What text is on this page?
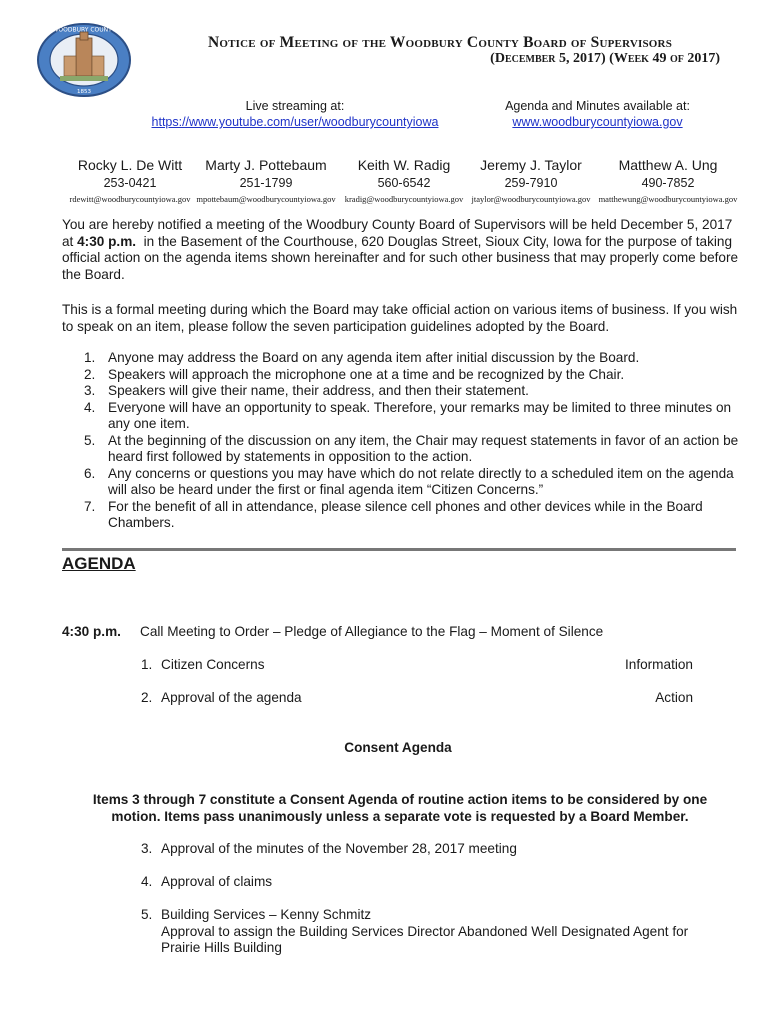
WOODBURY COUNTY
1853
Notice of Meeting of the Woodbury County Board of Supervisors
(December 5, 2017) (Week 49 of 2017)
Live streaming at:
https://www.youtube.com/user/woodburycountyiowa
Agenda and Minutes available at:
www.woodburycountyiowa.gov
Rocky L. De Witt
253-0421
rdewitt@woodburycountyiowa.gov
Marty J. Pottebaum
251-1799
mpottebaum@woodburycountyiowa.gov
Keith W. Radig
560-6542
kradig@woodburycountyiowa.gov
Jeremy J. Taylor
259-7910
jtaylor@woodburycountyiowa.gov
Matthew A. Ung
490-7852
matthewung@woodburycountyiowa.gov
You are hereby notified a meeting of the Woodbury County Board of Supervisors will be held December 5, 2017 at 4:30 p.m.  in the Basement of the Courthouse, 620 Douglas Street, Sioux City, Iowa for the purpose of taking official action on the agenda items shown hereinafter and for such other business that may properly come before the Board.
This is a formal meeting during which the Board may take official action on various items of business. If you wish to speak on an item, please follow the seven participation guidelines adopted by the Board.
1. Anyone may address the Board on any agenda item after initial discussion by the Board.
2. Speakers will approach the microphone one at a time and be recognized by the Chair.
3. Speakers will give their name, their address, and then their statement.
4. Everyone will have an opportunity to speak. Therefore, your remarks may be limited to three minutes on any one item.
5. At the beginning of the discussion on any item, the Chair may request statements in favor of an action be heard first followed by statements in opposition to the action.
6. Any concerns or questions you may have which do not relate directly to a scheduled item on the agenda will also be heard under the first or final agenda item “Citizen Concerns.”
7. For the benefit of all in attendance, please silence cell phones and other devices while in the Board Chambers.
AGENDA
4:30 p.m. Call Meeting to Order – Pledge of Allegiance to the Flag – Moment of Silence
1. Citizen Concerns	Information
2. Approval of the agenda	Action
Consent Agenda
Items 3 through 7 constitute a Consent Agenda of routine action items to be considered by one motion. Items pass unanimously unless a separate vote is requested by a Board Member.
3. Approval of the minutes of the November 28, 2017 meeting
4. Approval of claims
5. Building Services – Kenny Schmitz
Approval to assign the Building Services Director Abandoned Well Designated Agent for Prairie Hills Building
